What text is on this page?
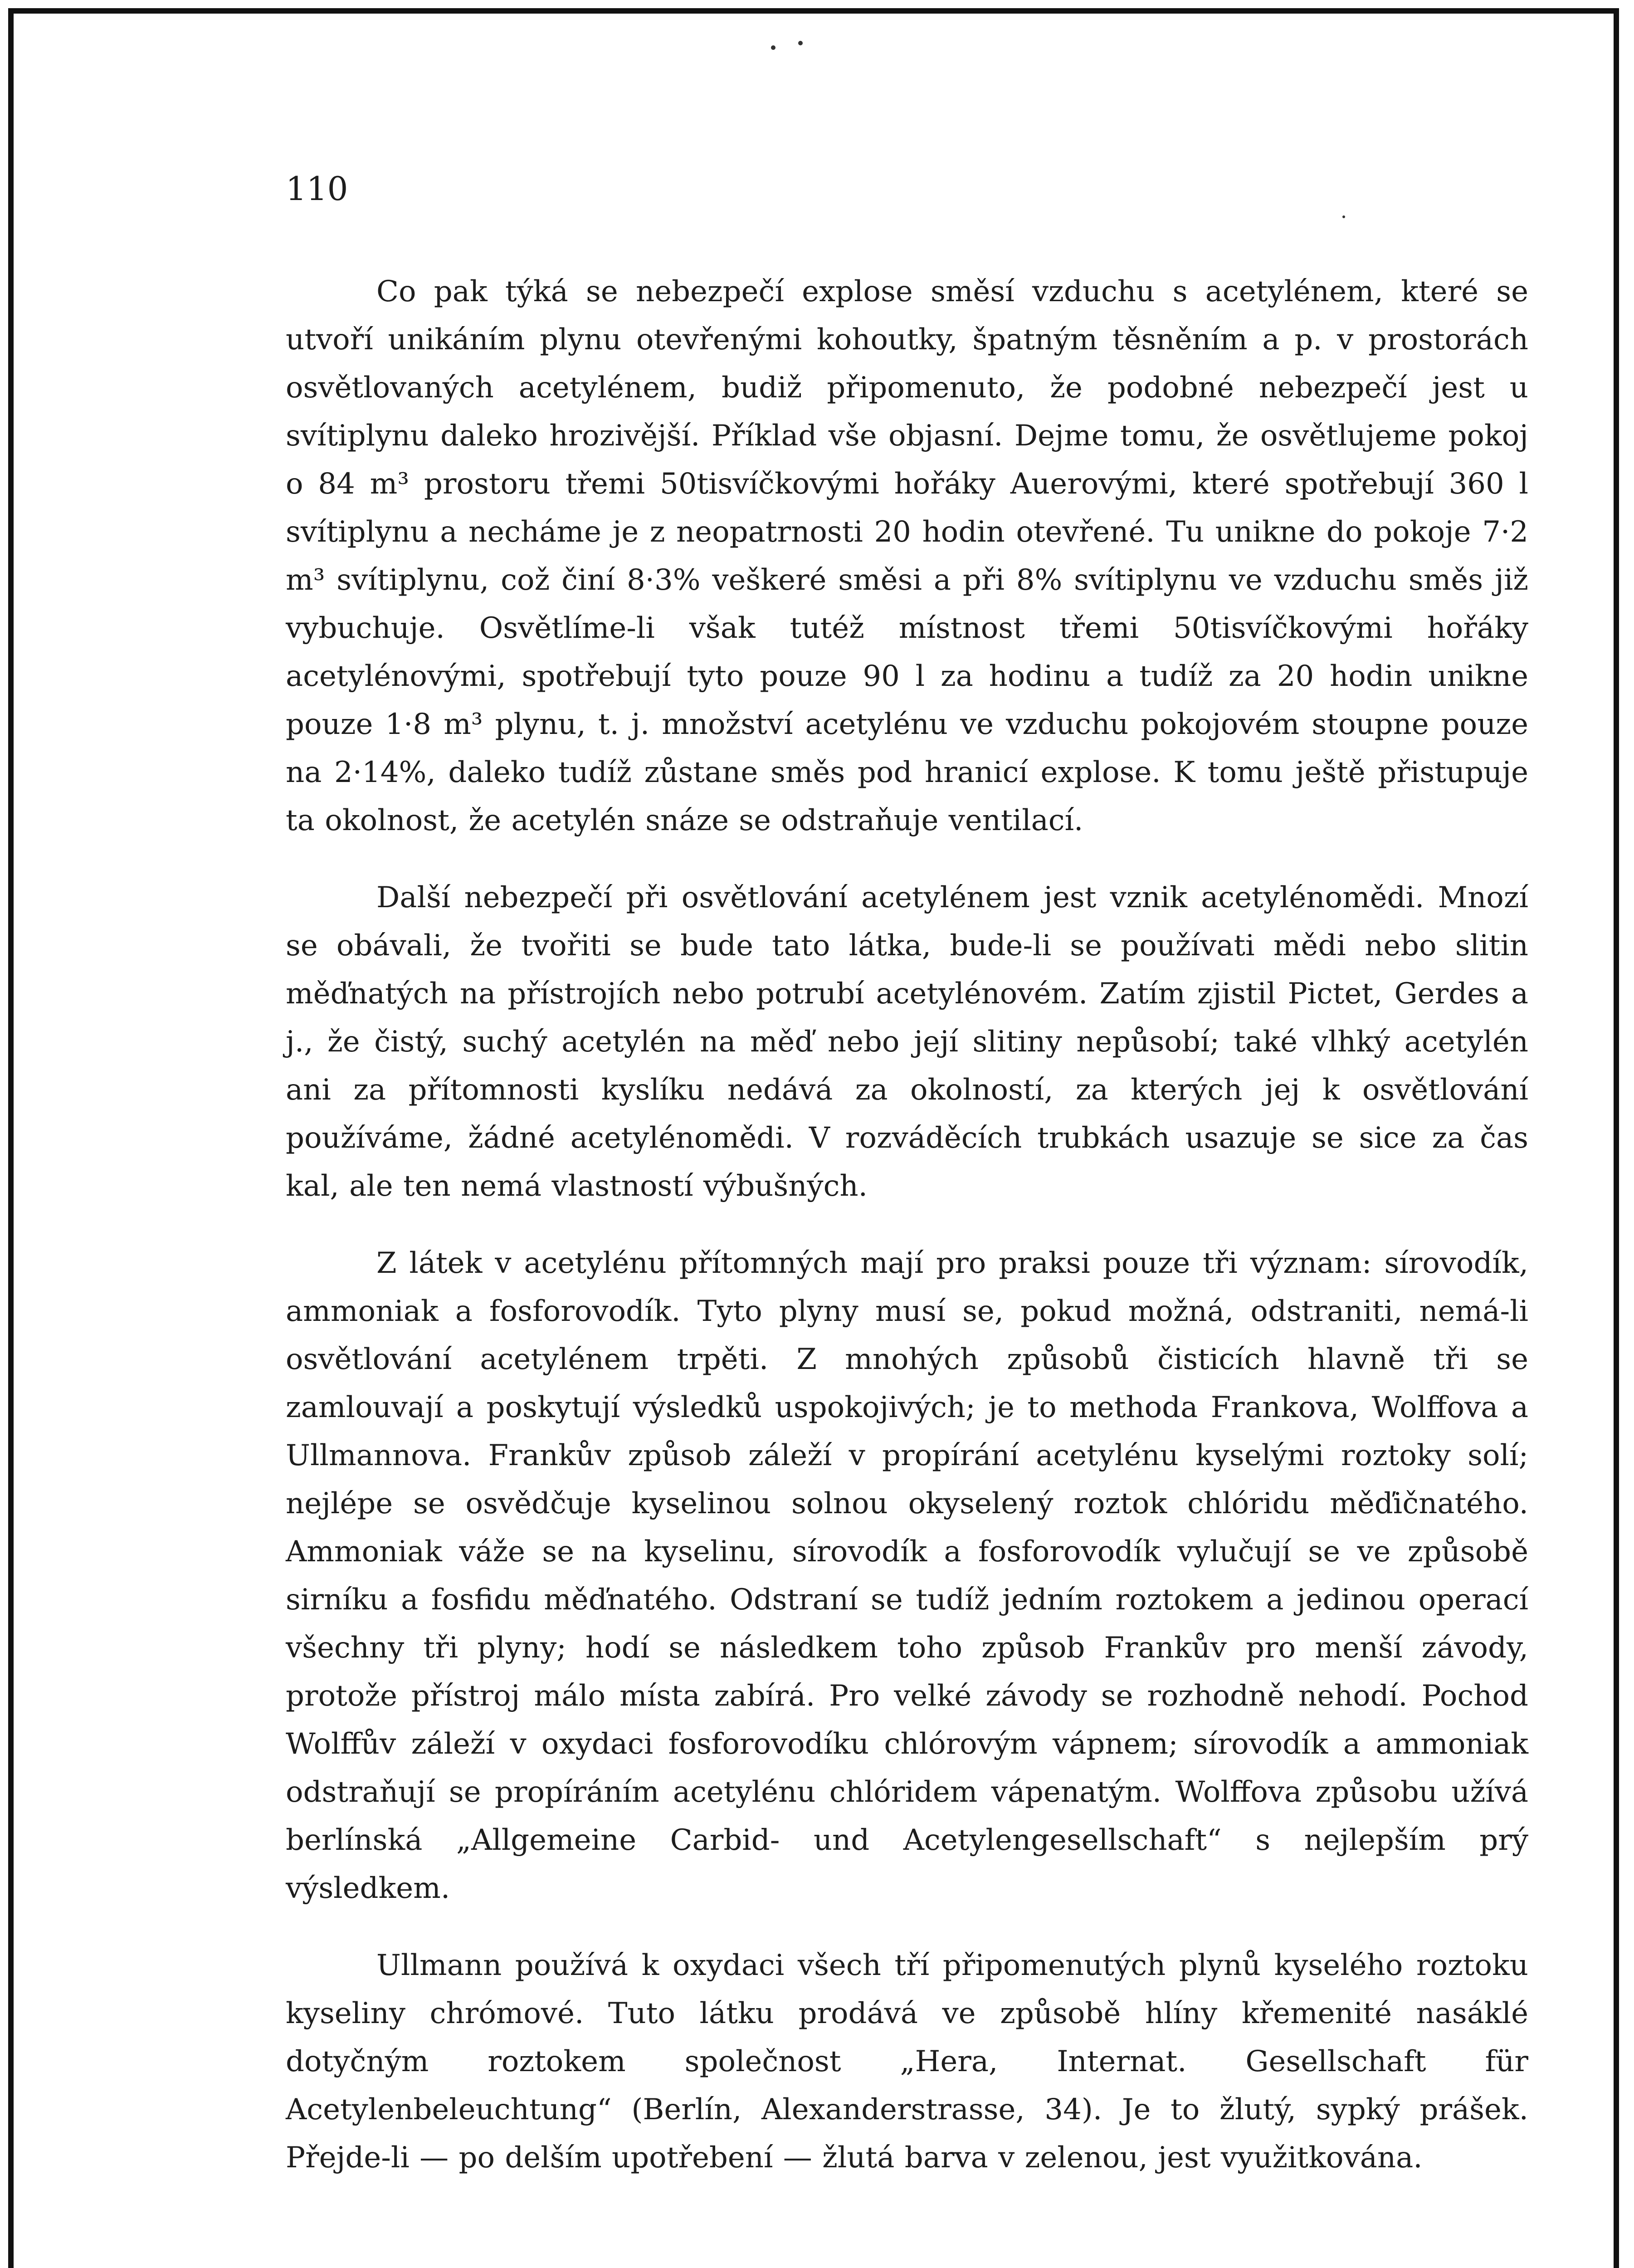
110

Co pak týká se nebezpečí explose směsí vzduchu s acetylénem, které se utvoří unikáním plynu otevřenými kohoutky, špatným těsněním a p. v prostorách osvětlovaných acetylénem, budiž připomenuto, že podobné nebezpečí jest u svítiplynu daleko hrozivější. Příklad vše objasní. Dejme tomu, že osvětlujeme pokoj o 84 m³ prostoru třemi 50tisvíčkovými hořáky Auerovými, které spotřebují 360 l svítiplynu a necháme je z neopatrnosti 20 hodin otevřené. Tu unikne do pokoje 7·2 m³ svítiplynu, což činí 8·3% veškeré směsi a při 8% svítiplynu ve vzduchu směs již vybuchuje. Osvětlíme-li však tutéž místnost třemi 50tisvíčkovými hořáky acetylénovými, spotřebují tyto pouze 90 l za hodinu a tudíž za 20 hodin unikne pouze 1·8 m³ plynu, t. j. množství acetylénu ve vzduchu pokojovém stoupne pouze na 2·14%, daleko tudíž zůstane směs pod hranicí explose. K tomu ještě přistupuje ta okolnost, že acetylén snáze se odstraňuje ventilací.

Další nebezpečí při osvětlování acetylénem jest vznik acetylénomědi. Mnozí se obávali, že tvořiti se bude tato látka, bude-li se používati mědi nebo slitin měďnatých na přístrojích nebo potrubí acetylénovém. Zatím zjistil Pictet, Gerdes a j., že čistý, suchý acetylén na měď nebo její slitiny nepůsobí; také vlhký acetylén ani za přítomnosti kyslíku nedává za okolností, za kterých jej k osvětlování používáme, žádné acetylénomědi. V rozváděcích trubkách usazuje se sice za čas kal, ale ten nemá vlastností výbušných.

Z látek v acetylénu přítomných mají pro praksi pouze tři význam: sírovodík, ammoniak a fosforovodík. Tyto plyny musí se, pokud možná, odstraniti, nemá-li osvětlování acetylénem trpěti. Z mnohých způsobů čisticích hlavně tři se zamlouvají a poskytují výsledků uspokojivých; je to methoda Frankova, Wolffova a Ullmannova. Frankův způsob záleží v propírání acetylénu kyselými roztoky solí; nejlépe se osvědčuje kyselinou solnou okyselený roztok chlóridu měďičnatého. Ammoniak váže se na kyselinu, sírovodík a fosforovodík vylučují se ve způsobě sirníku a fosfidu měďnatého. Odstraní se tudíž jedním roztokem a jedinou operací všechny tři plyny; hodí se následkem toho způsob Frankův pro menší závody, protože přístroj málo místa zabírá. Pro velké závody se rozhodně nehodí. Pochod Wolffův záleží v oxydaci fosforovodíku chlórovým vápnem; sírovodík a ammoniak odstraňují se propíráním acetylénu chlóridem vápenatým. Wolffova způsobu užívá berlínská „Allgemeine Carbid- und Acetylengesellschaft“ s nejlepším prý výsledkem.

Ullmann používá k oxydaci všech tří připomenutých plynů kyselého roztoku kyseliny chrómové. Tuto látku prodává ve způsobě hlíny křemenité nasáklé dotyčným roztokem společnost „Hera, Internat. Gesellschaft für Acetylenbeleuchtung“ (Berlín, Alexanderstrasse, 34). Je to žlutý, sypký prášek. Přejde-li — po delším upotřebení — žlutá barva v zelenou, jest využitkována.
